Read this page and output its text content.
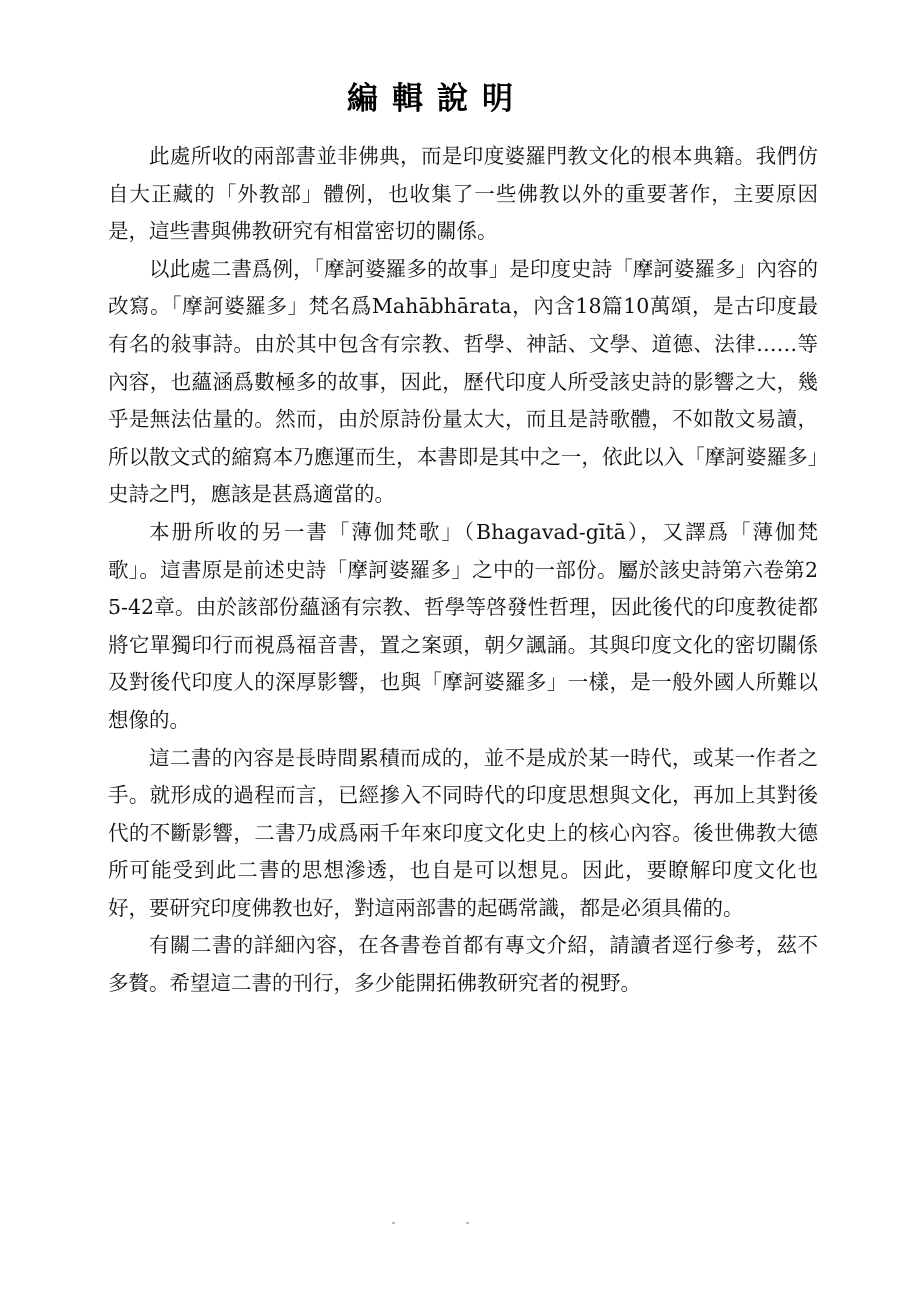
編輯說明

此處所收的兩部書並非佛典，而是印度婆羅門教文化的根本典籍。我們仿自大正藏的「外教部」體例，也收集了一些佛教以外的重要著作，主要原因是，這些書與佛教研究有相當密切的關係。

以此處二書爲例，「摩訶婆羅多的故事」是印度史詩「摩訶婆羅多」內容的改寫。「摩訶婆羅多」梵名爲Mahābhārata，內含18篇10萬頌，是古印度最有名的敍事詩。由於其中包含有宗教、哲學、神話、文學、道德、法律……等內容，也蘊涵爲數極多的故事，因此，歷代印度人所受該史詩的影響之大，幾乎是無法估量的。然而，由於原詩份量太大，而且是詩歌體，不如散文易讀，所以散文式的縮寫本乃應運而生，本書即是其中之一，依此以入「摩訶婆羅多」史詩之門，應該是甚爲適當的。

本册所收的另一書「薄伽梵歌」（Bhagavad-gītā），又譯爲「薄伽梵歌」。這書原是前述史詩「摩訶婆羅多」之中的一部份。屬於該史詩第六卷第25-42章。由於該部份蘊涵有宗教、哲學等啓發性哲理，因此後代的印度教徒都將它單獨印行而視爲福音書，置之案頭，朝夕諷誦。其與印度文化的密切關係及對後代印度人的深厚影響，也與「摩訶婆羅多」一樣，是一般外國人所難以想像的。

這二書的內容是長時間累積而成的，並不是成於某一時代，或某一作者之手。就形成的過程而言，已經摻入不同時代的印度思想與文化，再加上其對後代的不斷影響，二書乃成爲兩千年來印度文化史上的核心內容。後世佛教大德所可能受到此二書的思想滲透，也自是可以想見。因此，要瞭解印度文化也好，要研究印度佛教也好，對這兩部書的起碼常識，都是必須具備的。

有關二書的詳細內容，在各書卷首都有專文介紹，請讀者逕行參考，茲不多贅。希望這二書的刊行，多少能開拓佛教研究者的視野。
